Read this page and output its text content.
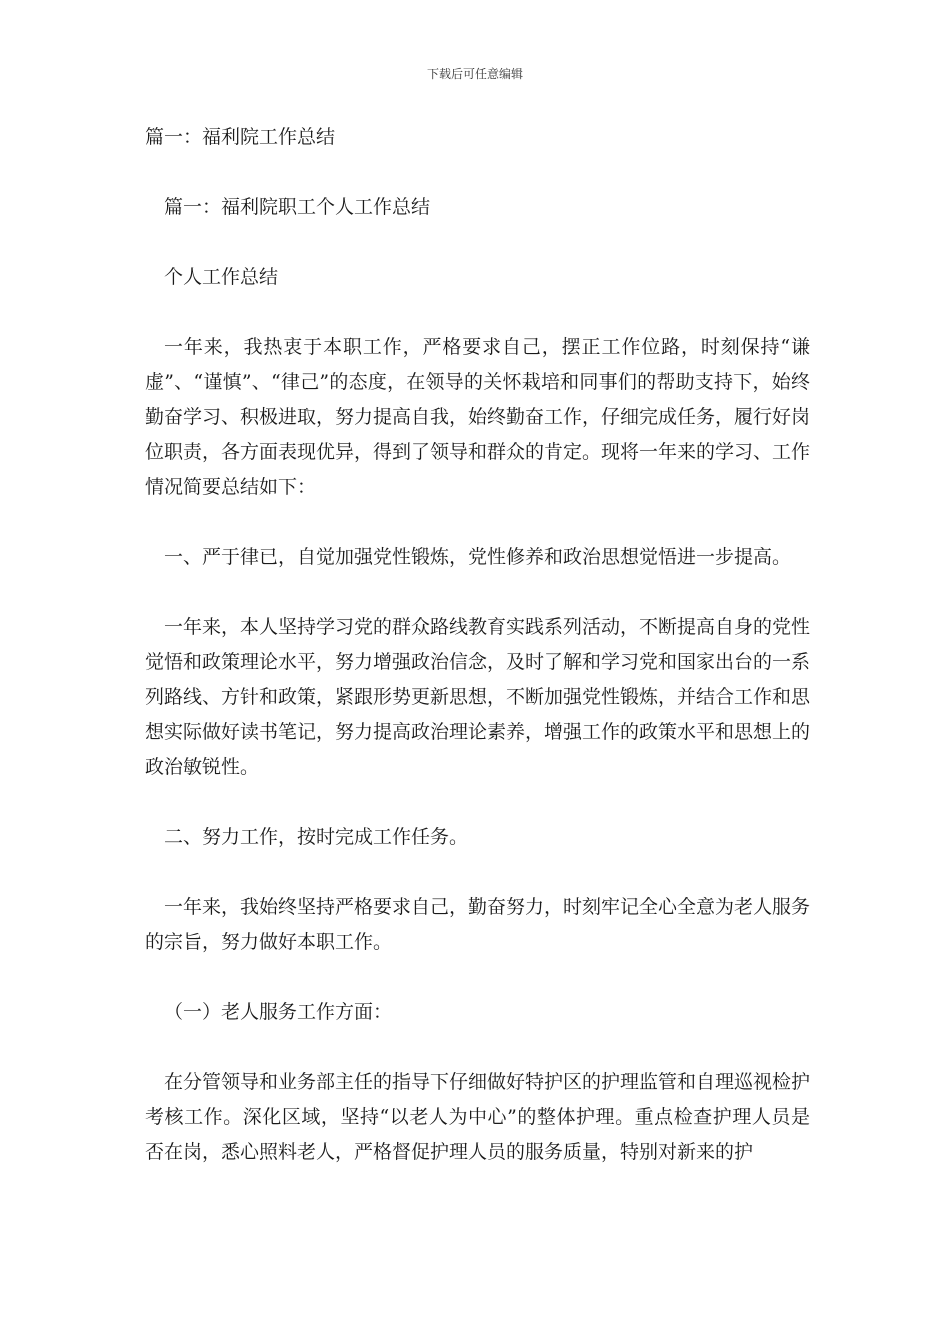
下载后可任意编辑

篇一：福利院工作总结

篇一：福利院职工个人工作总结

个人工作总结

一年来，我热衷于本职工作，严格要求自己，摆正工作位路，时刻保持“谦虚”、“谨慎”、“律己”的态度，在领导的关怀栽培和同事们的帮助支持下，始终勤奋学习、积极进取，努力提高自我，始终勤奋工作，仔细完成任务，履行好岗位职责，各方面表现优异，得到了领导和群众的肯定。现将一年来的学习、工作情况简要总结如下：

一、严于律已，自觉加强党性锻炼，党性修养和政治思想觉悟进一步提高。

一年来，本人坚持学习党的群众路线教育实践系列活动，不断提高自身的党性觉悟和政策理论水平，努力增强政治信念，及时了解和学习党和国家出台的一系列路线、方针和政策，紧跟形势更新思想，不断加强党性锻炼，并结合工作和思想实际做好读书笔记，努力提高政治理论素养，增强工作的政策水平和思想上的政治敏锐性。

二、努力工作，按时完成工作任务。

一年来，我始终坚持严格要求自己，勤奋努力，时刻牢记全心全意为老人服务的宗旨，努力做好本职工作。

（一）老人服务工作方面：

在分管领导和业务部主任的指导下仔细做好特护区的护理监管和自理巡视检护考核工作。深化区域，坚持“以老人为中心”的整体护理。重点检查护理人员是否在岗，悉心照料老人，严格督促护理人员的服务质量，特别对新来的护
